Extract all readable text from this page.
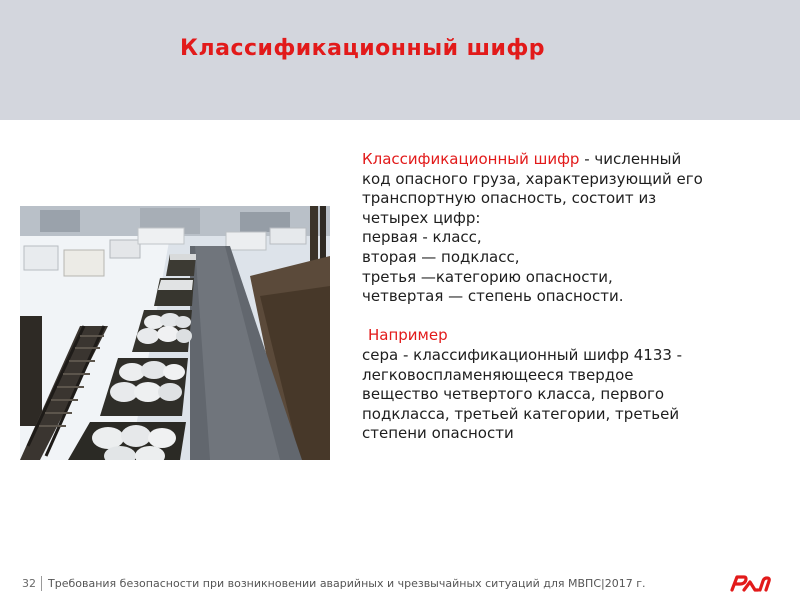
Классификационный шифр
Классификационный шифр - численный
код опасного груза, характеризующий его
транспортную опасность, состоит из
четырех цифр:
первая - класс,
вторая — подкласс,
третья —категорию опасности,
четвертая — степень опасности.
Например
сера - классификационный шифр 4133 -
легковоспламеняющееся твердое
вещество четвертого класса, первого
подкласса, третьей категории, третьей
степени опасности
32 Требования безопасности при возникновении аварийных и чрезвычайных ситуаций для МВПС|2017 г.
